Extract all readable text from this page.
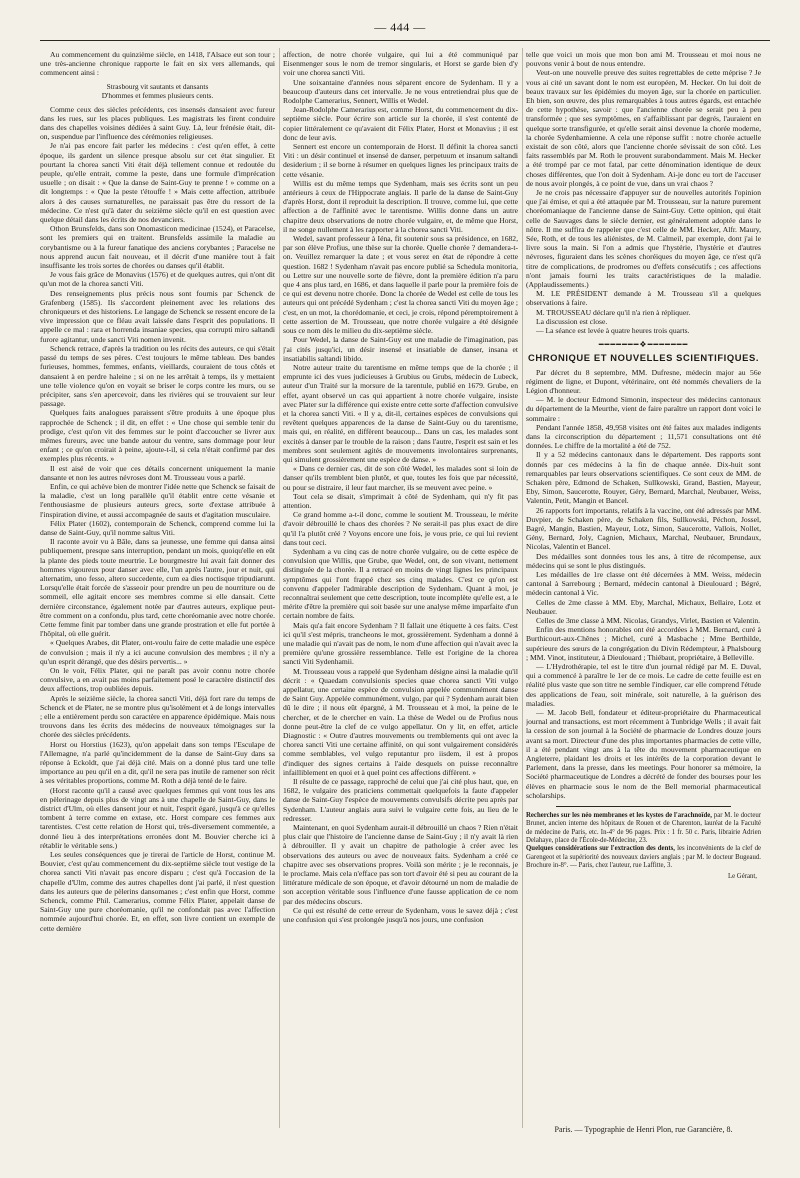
— 444 —

Au commencement du quinzième siècle, en 1418, l'Alsace eut son tour ; une très-ancienne chronique rapporte le fait en six vers allemands, qui commencent ainsi :

Strasbourg vit sautants et dansants
D'hommes et femmes plusieurs cents.

Comme ceux des siècles précédents, ces insensés dansaient avec fureur dans les rues, sur les places publiques. Les magistrats les firent conduire dans des chapelles voisines dédiées à saint Guy. Là, leur frénésie était, dit-on, suspendue par l'influence des cérémonies religieuses.

Je n'ai pas encore fait parler les médecins : c'est qu'en effet, à cette époque, ils gardent un silence presque absolu sur cet état singulier. Et pourtant la chorea sancti Viti était déjà tellement connue et redoutée du peuple, qu'elle entrait, comme la peste, dans une formule d'imprécation usuelle ; on disait : « Que la danse de Saint-Guy te prenne ! » comme on a dit longtemps : « Que la peste t'étouffe ! » Mais cette affection, attribuée alors à des causes surnaturelles, ne paraissait pas être du ressort de la médecine. Ce n'est qu'à dater du seizième siècle qu'il en est question avec quelque détail dans les écrits de nos devanciers.

Othon Brunsfelds, dans son Onomasticon medicinae (1524), et Paracelse, sont les premiers qui en traitent. Brunsfelds assimile la maladie au corybantisme ou à la fureur fanatique des anciens corybantes ; Paracelse ne nous apprend aucun fait nouveau, et il décrit d'une manière tout à fait insuffisante les trois sortes de chorées ou danses qu'il établit.

Je vous fais grâce de Monavius (1576) et de quelques autres, qui n'ont dit qu'un mot de la chorea sancti Viti.

Des renseignements plus précis nous sont fournis par Schenck de Grafenberg (1585). Ils s'accordent pleinement avec les relations des chroniqueurs et des historiens. Le langage de Schenck se ressent encore de la vive impression que ce fléau avait laissée dans l'esprit des populations. Il appelle ce mal : rara et horrenda insaniae species, qua corrupti miro saltandi furore agitantur, unde sancti Viti nomen invenit.

Schenck retrace, d'après la tradition ou les récits des auteurs, ce qui s'était passé du temps de ses pères. C'est toujours le même tableau. Des bandes furieuses, hommes, femmes, enfants, vieillards, couraient de tous côtés et dansaient à en perdre haleine ; si on ne les arrêtait à temps, ils y mettaient une telle violence qu'on en voyait se briser le corps contre les murs, ou se précipiter, sans s'en apercevoir, dans les rivières qui se trouvaient sur leur passage.

Quelques faits analogues paraissent s'être produits à une époque plus rapprochée de Schenck ; il dit, en effet : « Une chose qui semble tenir du prodige, c'est qu'on vit des femmes sur le point d'accoucher se livrer aux mêmes fureurs, avec une bande autour du ventre, sans dommage pour leur enfant ; ce qu'on croirait à peine, ajoute-t-il, si cela n'était confirmé par des exemples plus récents. »

Il est aisé de voir que ces détails concernent uniquement la manie dansante et non les autres névroses dont M. Trousseau vous a parlé.

Enfin, ce qui achève bien de montrer l'idée nette que Schenck se faisait de la maladie, c'est un long parallèle qu'il établit entre cette vésanie et l'enthousiasme de plusieurs auteurs grecs, sorte d'extase attribuée à l'inspiration divine, et aussi accompagnée de sauts et d'agitation musculaire.

Félix Plater (1602), contemporain de Schenck, comprend comme lui la danse de Saint-Guy, qu'il nomme saltus Viti.

Il raconte avoir vu à Bâle, dans sa jeunesse, une femme qui dansa ainsi publiquement, presque sans interruption, pendant un mois, quoiqu'elle en eût la plante des pieds toute meurtrie. Le bourgmestre lui avait fait donner des hommes vigoureux pour danser avec elle, l'un après l'autre, jour et nuit, qui alternatim, uno fesso, altero succedente, cum ea dies noctisque tripudiarunt. Lorsqu'elle était forcée de s'asseoir pour prendre un peu de nourriture ou de sommeil, elle agitait encore ses membres comme si elle dansait. Cette dernière circonstance, également notée par d'autres auteurs, explique peut-être comment on a confondu, plus tard, cette choréomanie avec notre chorée. Cette femme finit par tomber dans une grande prostration et elle fut portée à l'hôpital, où elle guérit.

« Quelques Arabes, dit Plater, ont-voulu faire de cette maladie une espèce de convulsion ; mais il n'y a ici aucune convulsion des membres ; il n'y a qu'un esprit dérangé, que des désirs pervertis... »

On le voit, Félix Plater, qui ne paraît pas avoir connu notre chorée convulsive, a en avait pas moins parfaitement posé le caractère distinctif des deux affections, trop oubliées depuis.

Après le seizième siècle, la chorea sancti Viti, déjà fort rare du temps de Schenck et de Plater, ne se montre plus qu'isolément et à de longs intervalles ; elle a entièrement perdu son caractère en apparence épidémique. Mais nous trouvons dans les écrits des médecins de nouveaux témoignages sur la chorée des siècles précédents.

Horst ou Horstius (1623), qu'on appelait dans son temps l'Esculape de l'Allemagne, n'a parlé qu'incidemment de la danse de Saint-Guy dans sa réponse à Eckoldt, que j'ai déjà cité. Mais on a donné plus tard une telle importance au peu qu'il en a dit, qu'il ne sera pas inutile de ramener son récit à ses véritables proportions, comme M. Roth a déjà tenté de le faire.

(Horst raconte qu'il a causé avec quelques femmes qui vont tous les ans en pèlerinage depuis plus de vingt ans à une chapelle de Saint-Guy, dans le district d'Ulm, où elles dansent jour et nuit, l'esprit égaré, jusqu'à ce qu'elles tombent à terre comme en extase, etc. Horst compare ces femmes aux tarentistes. C'est cette relation de Horst qui, très-diversement commentée, a donné lieu à des interprétations erronées dont M. Bouvier cherche ici à rétablir le véritable sens.)

Les seules conséquences que je tirerai de l'article de Horst, continue M. Bouvier, c'est qu'au commencement du dix-septième siècle tout vestige de la chorea sancti Viti n'avait pas encore disparu ; c'est qu'à l'occasion de la chapelle d'Ulm, comme des autres chapelles dont j'ai parlé, il n'est question dans les auteurs que de pèlerins dansomanes ; c'est enfin que Horst, comme Schenck, comme Phil. Camerarius, comme Félix Plater, appelait danse de Saint-Guy une pure choréomanie, qu'il ne confondait pas avec l'affection nommée aujourd'hui chorée. Et, en effet, son livre contient un exemple de cette dernière

affection, de notre chorée vulgaire, qui lui a été communiqué par Eisenmenger sous le nom de tremor singularis, et Horst se garde bien d'y voir une chorea sancti Viti.

Une soixantaine d'années nous séparent encore de Sydenham. Il y a beaucoup d'auteurs dans cet intervalle. Je ne vous entretiendrai plus que de Rodolphe Camerarius, Sennert, Willis et Wedel.

Jean-Rodolphe Camerarius est, comme Horst, du commencement du dix-septième siècle. Pour écrire son article sur la chorée, il s'est contenté de copier littéralement ce qu'avaient dit Félix Plater, Horst et Monavius ; il est donc de leur avis.

Sennert est encore un contemporain de Horst. Il définit la chorea sancti Viti : un désir continuel et insensé de danser, perpetuum et insanum saltandi desiderium ; il se borne à résumer en quelques lignes les principaux traits de cette vésanie.

Willis est du même temps que Sydenham, mais ses écrits sont un peu antérieurs à ceux de l'Hippocrate anglais. Il parle de la danse de Saint-Guy d'après Horst, dont il reproduit la description. Il trouve, comme lui, que cette affection a de l'affinité avec le tarentisme. Willis donne dans un autre chapitre deux observations de notre chorée vulgaire, et, de même que Horst, il ne songe nullement à les rapporter à la chorea sancti Viti.

Wedel, savant professeur à Iéna, fit soutenir sous sa présidence, en 1682, par son élève Profius, une thèse sur la chorée. Quelle chorée ? demandera-t-on. Veuillez remarquer la date ; et vous serez en état de répondre à cette question. 1682 ! Sydenham n'avait pas encore publié sa Schedula monitoria, ou Lettre sur une nouvelle sorte de fièvre, dont la première édition n'a paru que 4 ans plus tard, en 1686, et dans laquelle il parle pour la première fois de ce qui est devenu notre chorée. Donc la chorée de Wedel est celle de tous les auteurs qui ont précédé Sydenham ; c'est la chorea sancti Viti du moyen âge ; c'est, en un mot, la chorédomanie, et ceci, je crois, répond péremptoirement à cette assertion de M. Trousseau, que notre chorée vulgaire a été désignée sous ce nom dès le milieu du dix-septième siècle.

Pour Wedel, la danse de Saint-Guy est une maladie de l'imagination, pas j'ai cités jusqu'ici, un désir insensé et insatiable de danser, insana et insatiabilis saltandi libido.

Notre auteur traite du tarentisme en même temps que de la chorée ; il emprunte ici des vues judicieuses à Grubius ou Grubs, médecin de Lubeck, auteur d'un Traité sur la morsure de la tarentule, publié en 1679. Grube, en effet, ayant observé un cas qui appartient à notre chorée vulgaire, insiste avec Plater sur la différence qui existe entre cette sorte d'affection convulsive et la chorea sancti Viti. « Il y a, dit-il, certaines espèces de convulsions qui revêtent quelques apparences de la danse de Saint-Guy ou du tarentisme, mais qui, en réalité, en diffèrent beaucoup... Dans un cas, les malades sont excités à danser par le trouble de la raison ; dans l'autre, l'esprit est sain et les membres sont seulement agités de mouvements involontaires surprenants, qui simulent grossièrement une espèce de danse. »

« Dans ce dernier cas, dit de son côté Wedel, les malades sont si loin de danser qu'ils tremblent bien plutôt, et que, toutes les fois que par nécessité, ou pour se distraire, il leur faut marcher, ils se meuvent avec peine. »

Tout cela se disait, s'imprimait à côté de Sydenham, qui n'y fit pas attention.

Ce grand homme a-t-il donc, comme le soutient M. Trousseau, le mérite d'avoir débrouillé le chaos des chorées ? Ne serait-il pas plus exact de dire qu'il l'a plutôt créé ? Voyons encore une fois, je vous prie, ce qui lui revient dans tout ceci.

Sydenham a vu cinq cas de notre chorée vulgaire, ou de cette espèce de convulsion que Willis, que Grube, que Wedel, ont, de son vivant, nettement distinguée de la chorée. Il a retracé en moins de vingt lignes les principaux symptômes qui l'ont frappé chez ses cinq malades. C'est ce qu'on est convenu d'appeler l'admirable description de Sydenham. Quant à moi, je reconnaîtrai seulement que cette description, toute incomplète qu'elle est, a le mérite d'être la première qui soit basée sur une analyse même imparfaite d'un certain nombre de faits.

Mais qu'a fait encore Sydenham ? Il fallait une étiquette à ces faits. C'est ici qu'il s'est mépris, trancheons le mot, grossièrement. Sydenham a donné à une maladie qui n'avait pas de nom, le nom d'une affection qui n'avait avec la première qu'une grossière ressemblance. Telle est l'origine de la chorea sancti Viti Sydenhamii.

M. Trousseau vous a rappelé que Sydenham désigne ainsi la maladie qu'il décrit : « Quaedam convulsionis species quae chorea sancti Viti vulgo appellatur, une certaine espèce de convulsion appelée communément danse de Saint Guy. Appelée communément, vulgo, par qui ? Sydenham aurait bien dû le dire ; il nous eût épargné, à M. Trousseau et à moi, la peine de le chercher, et de le chercher en vain. La thèse de Wedel ou de Profius nous donne peut-être la clef de ce vulgo appellatur. On y lit, en effet, article Diagnostic : « Outre d'autres mouvements ou tremblements qui ont avec la chorea sancti Viti une certaine affinité, on qui sont vulgairement considérés comme semblables, vel vulgo reputantur pro iisdem, il est à propos d'indiquer des signes certains à l'aide desquels on puisse reconnaître infailliblement en quoi et à quel point ces affections diffèrent. »

Il résulte de ce passage, rapproché de celui que j'ai cité plus haut, que, en 1682, le vulgaire des praticiens commettait quelquefois la faute d'appeler danse de Saint-Guy l'espèce de mouvements convulsifs décrite peu après par Sydenham. L'auteur anglais aura suivi le vulgaire cette fois, au lieu de le redresser.

Maintenant, en quoi Sydenham aurait-il débrouillé un chaos ? Rien n'était plus clair que l'histoire de l'ancienne danse de Saint-Guy ; il n'y avait là rien à débrouiller. Il y avait un chapitre de pathologie à créer avec les observations des auteurs ou avec de nouveaux faits. Sydenham a créé ce chapitre avec ses observations propres. Voilà son mérite ; je le reconnais, je le proclame. Mais cela n'efface pas son tort d'avoir été si peu au courant de la littérature médicale de son époque, et d'avoir détourné un nom de maladie de son acception véritable sous l'influence d'une fausse application de ce nom par des médecins obscurs.

Ce qui est résulté de cette erreur de Sydenham, vous le savez déjà ; c'est une confusion qui s'est prolongée jusqu'à nos jours, une confusion

telle que voici un mois que mon bon ami M. Trousseau et moi nous ne pouvons venir à bout de nous entendre.

Veut-on une nouvelle preuve des suites regrettables de cette méprise ? Je vous ai cité un savant dont le nom est européen, M. Hecker. On lui doit de beaux travaux sur les épidémies du moyen âge, sur la chorée en particulier. Eh bien, son œuvre, des plus remarquables à tous autres égards, est entachée de cette hypothèse, savoir : que l'ancienne chorée se serait peu à peu transformée ; que ses symptômes, en s'affaiblissant par degrés, l'auraient en quelque sorte transfigurée, et qu'elle serait ainsi devenue la chorée moderne, la chorée Sydenhamienne. A cela une réponse suffit : notre chorée actuelle existait de son côté, alors que l'ancienne chorée sévissait de son côté. Les faits rassemblés par M. Roth le prouvent surabondamment. Mais M. Hecker a été trompé par ce mot fatal, par cette dénomination identique de deux choses différentes, que l'on doit à Sydenham. Ai-je donc eu tort de l'accuser de nous avoir plongés, à ce point de vue, dans un vrai chaos ?

Je ne crois pas nécessaire d'appuyer sur de nouvelles autorités l'opinion que j'ai émise, et qui a été attaquée par M. Trousseau, sur la nature purement choréomaniaque de l'ancienne danse de Saint-Guy. Cette opinion, qui était celle de Sauvages dans le siècle dernier, est généralement adoptée dans le nôtre. Il me suffira de rappeler que c'est celle de MM. Hecker, Alfr. Maury, Sée, Roth, et de tous les aliénistes, de M. Calmeil, par exemple, dont j'ai le livre sous la main. Si l'on a admis que l'hystérie, l'hystérie et d'autres névroses, figuraient dans les scènes choréiques du moyen âge, ce n'est qu'à titre de complications, de prodromes ou d'effets consécutifs ; ces affections n'ont jamais fourni les traits caractéristiques de la maladie. (Applaudissements.)

M. LE PRÉSIDENT demande à M. Trousseau s'il a quelques observations à faire.

M. TROUSSEAU déclare qu'il n'a rien à répliquer.

La discussion est close.

— La séance est levée à quatre heures trois quarts.

━━━━━━━❖━━━━━━━
CHRONIQUE ET NOUVELLES SCIENTIFIQUES.

Par décret du 8 septembre, MM. Dufresne, médecin major au 56e régiment de ligne, et Dupont, vétérinaire, ont été nommés chevaliers de la Légion d'honneur.

— M. le docteur Edmond Simonin, inspecteur des médecins cantonaux du département de la Meurthe, vient de faire paraître un rapport dont voici le sommaire :

Pendant l'année 1858, 49,958 visites ont été faites aux malades indigents dans la circonscription du département ; 11,571 consultations ont été données. Le chiffre de la mortalité a été de 752.

Il y a 52 médecins cantonaux dans le département. Des rapports sont donnés par ces médecins à la fin de chaque année. Dix-huit sont remarquables par leurs observations scientifiques. Ce sont ceux de MM. de Schaken père, Edmond de Schaken, Sullkowski, Grand, Bastien, Mayeur, Eby, Simon, Saucerotte, Rouyer, Géry, Bernard, Marchal, Neubauer, Weiss, Valentin, Petit, Mangin et Bancel.

26 rapports fort importants, relatifs à la vaccine, ont été adressés par MM. Duvpier, de Schaken père, de Schaken fils, Sullkowski, Péchon, Jossel, Bagré, Mangin, Bastien, Mayeur, Lotz, Simon, Saucerotte, Vallois, Nollet, Gény, Bernard, Joly, Cagnien, Michaux, Marchal, Neubauer, Brundaux, Nicolas, Valentin et Bancel.

Des médailles sont données tous les ans, à titre de récompense, aux médecins qui se sont le plus distingués.

Les médailles de 1re classe ont été décernées à MM. Weiss, médecin cantonal à Sarrebourg ; Bernard, médecin cantonal à Dieulouard ; Bégré, médecin cantonal à Vic.

Celles de 2me classe à MM. Eby, Marchal, Michaux, Bellaire, Lotz et Neubauer.

Celles de 3me classe à MM. Nicolas, Grandys, Virlet, Bastien et Valentin.

Enfin des mentions honorables ont été accordées à MM. Bernard, curé à Burthicourt-aux-Chênes ; Michel, curé à Masbache ; Mme Berthilde, supérieure des sœurs de la congrégation du Divin Rédempteur, à Phalsbourg ; MM. Vinot, instituteur, à Dieulouard ; Thiébaut, propriétaire, à Belleville.

— L'Hydrothérapie, tel est le titre d'un journal rédigé par M. E. Duval, qui a commencé à paraître le 1er de ce mois. Le cadre de cette feuille est en réalité plus vaste que son titre ne semble l'indiquer, car elle comprend l'étude des applications de l'eau, soit minérale, soit naturelle, à la guérison des maladies.

— M. Jacob Bell, fondateur et éditeur-propriétaire du Pharmaceutical journal and transactions, est mort récemment à Tunbridge Wells ; il avait fait la cession de son journal à la Société de pharmacie de Londres douze jours avant sa mort. Directeur d'une des plus importantes pharmacies de cette ville, il a été pendant vingt ans à la tête du mouvement pharmaceutique en Angleterre, plaidant les droits et les intérêts de la corporation devant le Parlement, dans la presse, dans les meetings. Pour honorer sa mémoire, la Société pharmaceutique de Londres a décrété de fonder des bourses pour les élèves en pharmacie sous le nom de the Bell memorial pharmaceutical scholarships.

Recherches sur les néo membranes et les kystes de l'arachnoïde, par M. le docteur Brunet, ancien interne des hôpitaux de Rouen et de Charenton, lauréat de la Faculté de médecine de Paris, etc. In-4° de 96 pages. Prix : 1 fr. 50 c. Paris, librairie Adrien Delahaye, place de l'École-de-Médecine, 23.

Quelques considérations sur l'extraction des dents, les inconvénients de la clef de Garengeot et la supériorité des nouveaux daviers anglais ; par M. le docteur Bugeaud. Brochure in-8°. — Paris, chez l'auteur, rue Laffitte, 3.

Le Gérant,
Paris. — Typographie de Henri Plon, rue Garancière, 8.
